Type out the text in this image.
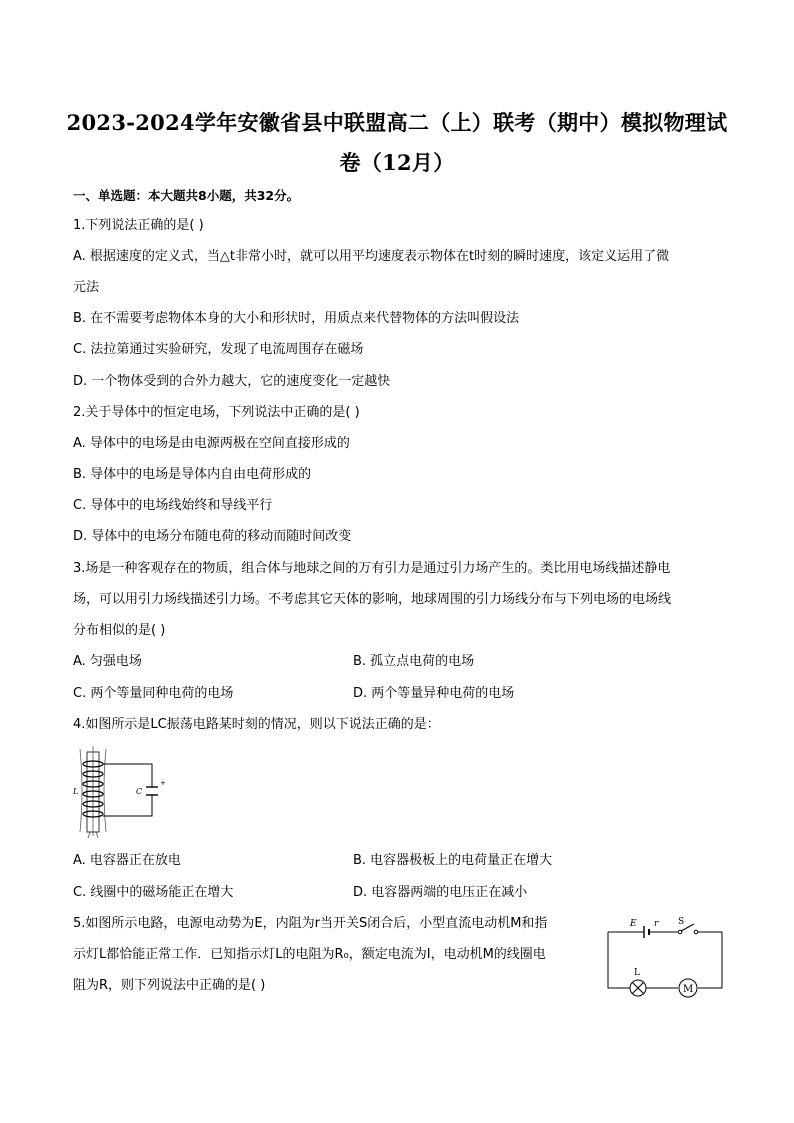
2023-2024学年安徽省县中联盟高二（上）联考（期中）模拟物理试
卷（12月）
一、单选题：本大题共8小题，共32分。
1.下列说法正确的是( )
A. 根据速度的定义式，当△t非常小时，就可以用平均速度表示物体在t时刻的瞬时速度，该定义运用了微
元法
B. 在不需要考虑物体本身的大小和形状时，用质点来代替物体的方法叫假设法
C. 法拉第通过实验研究，发现了电流周围存在磁场
D. 一个物体受到的合外力越大，它的速度变化一定越快
2.关于导体中的恒定电场，下列说法中正确的是( )
A. 导体中的电场是由电源两极在空间直接形成的
B. 导体中的电场是导体内自由电荷形成的
C. 导体中的电场线始终和导线平行
D. 导体中的电场分布随电荷的移动而随时间改变
3.场是一种客观存在的物质，组合体与地球之间的万有引力是通过引力场产生的。类比用电场线描述静电
场，可以用引力场线描述引力场。不考虑其它天体的影响，地球周围的引力场线分布与下列电场的电场线
分布相似的是( )
A. 匀强电场	B. 孤立点电荷的电场
C. 两个等量同种电荷的电场	D. 两个等量异种电荷的电场
4.如图所示是LC振荡电路某时刻的情况，则以下说法正确的是：
+
L	C
A. 电容器正在放电	B. 电容器极板上的电荷量正在增大
C. 线圈中的磁场能正在增大	D. 电容器两端的电压正在减小
5.如图所示电路，电源电动势为E，内阻为r当开关S闭合后，小型直流电动机M和指
示灯L都恰能正常工作．已知指示灯L的电阻为R₀，额定电流为I，电动机M的线圈电
阻为R，则下列说法中正确的是( )	M
E r S
L
